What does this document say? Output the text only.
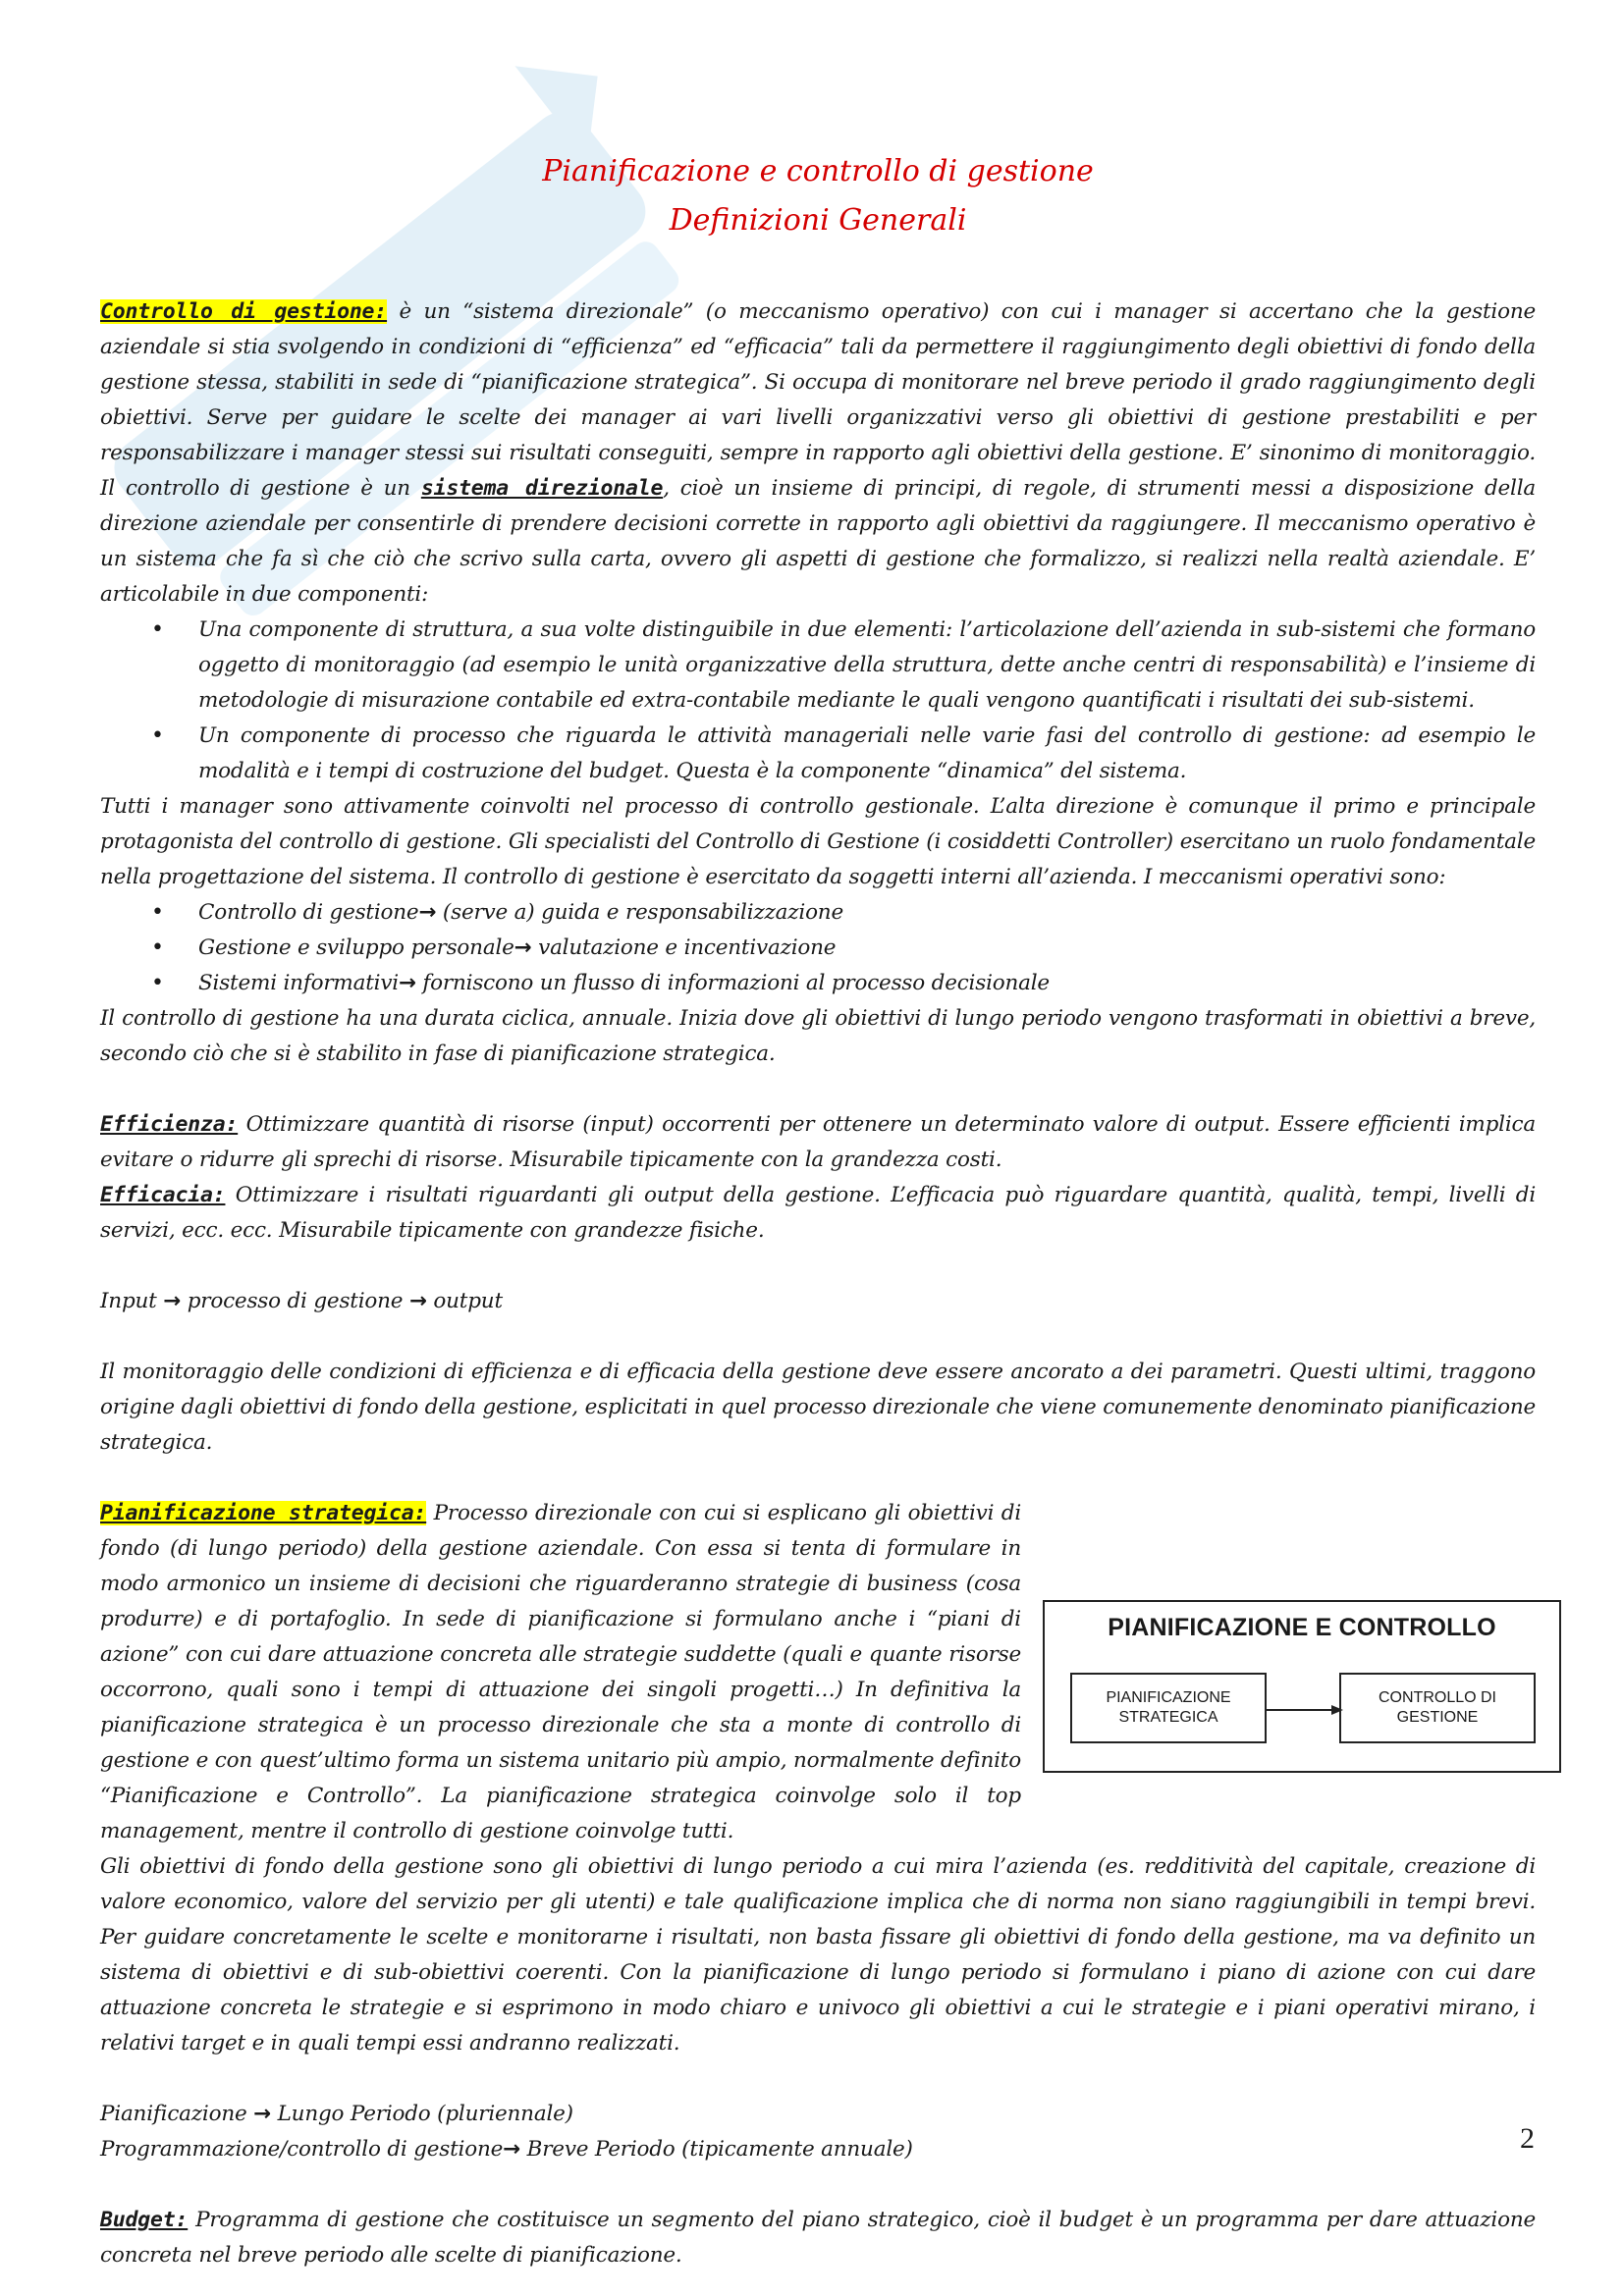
Pianificazione e controllo di gestione
Definizioni Generali

Controllo di gestione: è un “sistema direzionale” (o meccanismo operativo) con cui i manager si accertano che la gestione aziendale si stia svolgendo in condizioni di “efficienza” ed “efficacia” tali da permettere il raggiungimento degli obiettivi di fondo della gestione stessa, stabiliti in sede di “pianificazione strategica”. Si occupa di monitorare nel breve periodo il grado raggiungimento degli obiettivi. Serve per guidare le scelte dei manager ai vari livelli organizzativi verso gli obiettivi di gestione prestabiliti e per responsabilizzare i manager stessi sui risultati conseguiti, sempre in rapporto agli obiettivi della gestione. E’ sinonimo di monitoraggio. Il controllo di gestione è un sistema direzionale, cioè un insieme di principi, di regole, di strumenti messi a disposizione della direzione aziendale per consentirle di prendere decisioni corrette in rapporto agli obiettivi da raggiungere. Il meccanismo operativo è un sistema che fa sì che ciò che scrivo sulla carta, ovvero gli aspetti di gestione che formalizzo, si realizzi nella realtà aziendale. E’ articolabile in due componenti:

• Una componente di struttura, a sua volte distinguibile in due elementi: l’articolazione dell’azienda in sub-sistemi che formano oggetto di monitoraggio (ad esempio le unità organizzative della struttura, dette anche centri di responsabilità) e l’insieme di metodologie di misurazione contabile ed extra-contabile mediante le quali vengono quantificati i risultati dei sub-sistemi.
• Un componente di processo che riguarda le attività manageriali nelle varie fasi del controllo di gestione: ad esempio le modalità e i tempi di costruzione del budget. Questa è la componente “dinamica” del sistema.

Tutti i manager sono attivamente coinvolti nel processo di controllo gestionale. L’alta direzione è comunque il primo e principale protagonista del controllo di gestione. Gli specialisti del Controllo di Gestione (i cosiddetti Controller) esercitano un ruolo fondamentale nella progettazione del sistema. Il controllo di gestione è esercitato da soggetti interni all’azienda. I meccanismi operativi sono:

• Controllo di gestione→ (serve a) guida e responsabilizzazione
• Gestione e sviluppo personale→ valutazione e incentivazione
• Sistemi informativi→ forniscono un flusso di informazioni al processo decisionale

Il controllo di gestione ha una durata ciclica, annuale. Inizia dove gli obiettivi di lungo periodo vengono trasformati in obiettivi a breve, secondo ciò che si è stabilito in fase di pianificazione strategica.

Efficienza: Ottimizzare quantità di risorse (input) occorrenti per ottenere un determinato valore di output. Essere efficienti implica evitare o ridurre gli sprechi di risorse. Misurabile tipicamente con la grandezza costi.

Efficacia: Ottimizzare i risultati riguardanti gli output della gestione. L’efficacia può riguardare quantità, qualità, tempi, livelli di servizi, ecc. ecc. Misurabile tipicamente con grandezze fisiche.

Input → processo di gestione → output

Il monitoraggio delle condizioni di efficienza e di efficacia della gestione deve essere ancorato a dei parametri. Questi ultimi, traggono origine dagli obiettivi di fondo della gestione, esplicitati in quel processo direzionale che viene comunemente denominato pianificazione strategica.

PIANIFICAZIONE E CONTROLLO
PIANIFICAZIONE STRATEGICA
CONTROLLO DI GESTIONE

Pianificazione strategica: Processo direzionale con cui si esplicano gli obiettivi di fondo (di lungo periodo) della gestione aziendale. Con essa si tenta di formulare in modo armonico un insieme di decisioni che riguarderanno strategie di business (cosa produrre) e di portafoglio. In sede di pianificazione si formulano anche i “piani di azione” con cui dare attuazione concreta alle strategie suddette (quali e quante risorse occorrono, quali sono i tempi di attuazione dei singoli progetti…) In definitiva la pianificazione strategica è un processo direzionale che sta a monte di controllo di gestione e con quest’ultimo forma un sistema unitario più ampio, normalmente definito “Pianificazione e Controllo”. La pianificazione strategica coinvolge solo il top management, mentre il controllo di gestione coinvolge tutti.

Gli obiettivi di fondo della gestione sono gli obiettivi di lungo periodo a cui mira l’azienda (es. redditività del capitale, creazione di valore economico, valore del servizio per gli utenti) e tale qualificazione implica che di norma non siano raggiungibili in tempi brevi. Per guidare concretamente le scelte e monitorarne i risultati, non basta fissare gli obiettivi di fondo della gestione, ma va definito un sistema di obiettivi e di sub-obiettivi coerenti. Con la pianificazione di lungo periodo si formulano i piano di azione con cui dare attuazione concreta le strategie e si esprimono in modo chiaro e univoco gli obiettivi a cui le strategie e i piani operativi mirano, i relativi target e in quali tempi essi andranno realizzati.

Pianificazione → Lungo Periodo (pluriennale)

Programmazione/controllo di gestione→ Breve Periodo (tipicamente annuale)

Budget: Programma di gestione che costituisce un segmento del piano strategico, cioè il budget è un programma per dare attuazione concreta nel breve periodo alle scelte di pianificazione.

2
